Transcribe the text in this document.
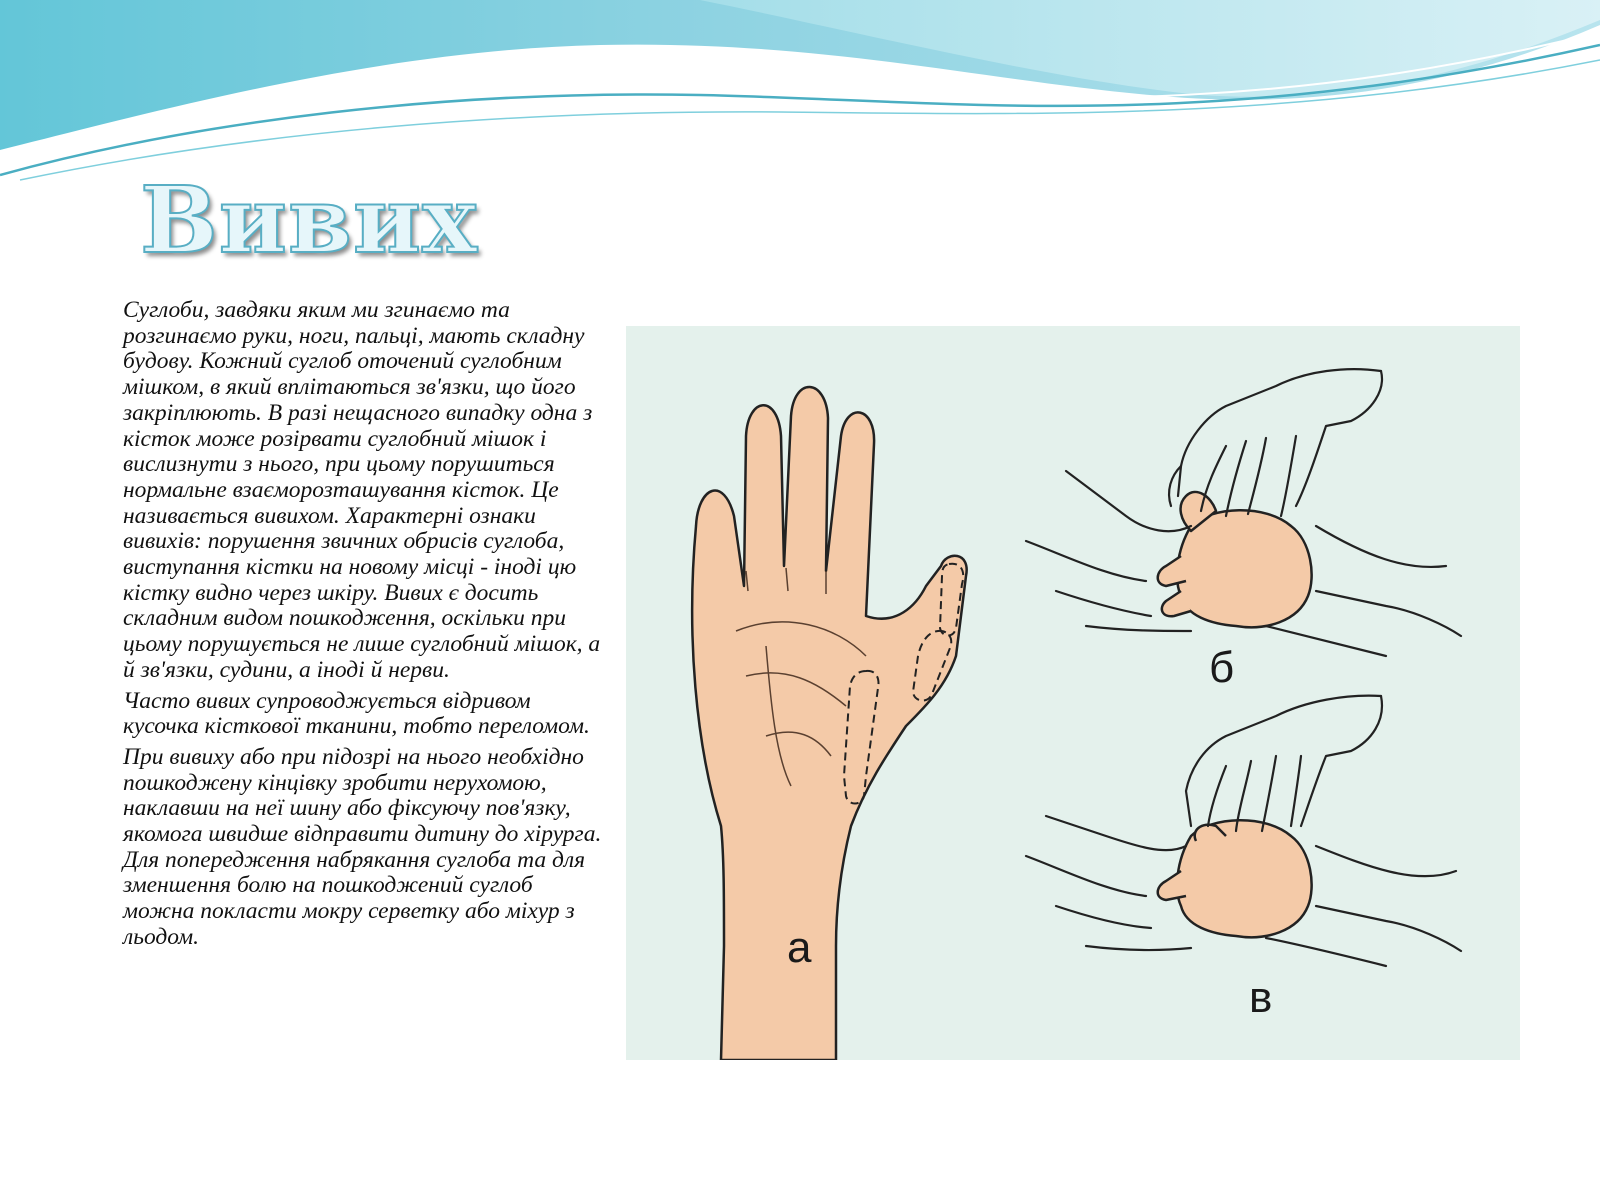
Вивих

Суглоби, завдяки яким ми згинаємо та розгинаємо руки, ноги, пальці, мають складну будову. Кожний суглоб оточений суглобним мішком, в який вплітаються зв'язки, що його закріплюють. В разі нещасного випадку одна з кісток може розірвати суглобний мішок і вислизнути з нього, при цьому порушиться нормальне взаєморозташування кісток. Це називається вивихом. Характерні ознаки вивихів: порушення звичних обрисів суглоба, виступання кістки на новому місці - іноді цю кістку видно через шкіру. Вивих є досить складним видом пошкодження, оскільки при цьому порушується не лише суглобний мішок, а й зв'язки, судини, а іноді й нерви.

Часто вивих супроводжується відривом кусочка кісткової тканини, тобто переломом.

При вивиху або при підозрі на нього необхідно пошкоджену кінцівку зробити нерухомою, наклавши на неї шину або фіксуючу пов'язку, якомога швидше відправити дитину до хірурга. Для попередження набрякання суглоба та для зменшення болю на пошкоджений суглоб можна покласти мокру серветку або міхур з льодом.	а
б
в
